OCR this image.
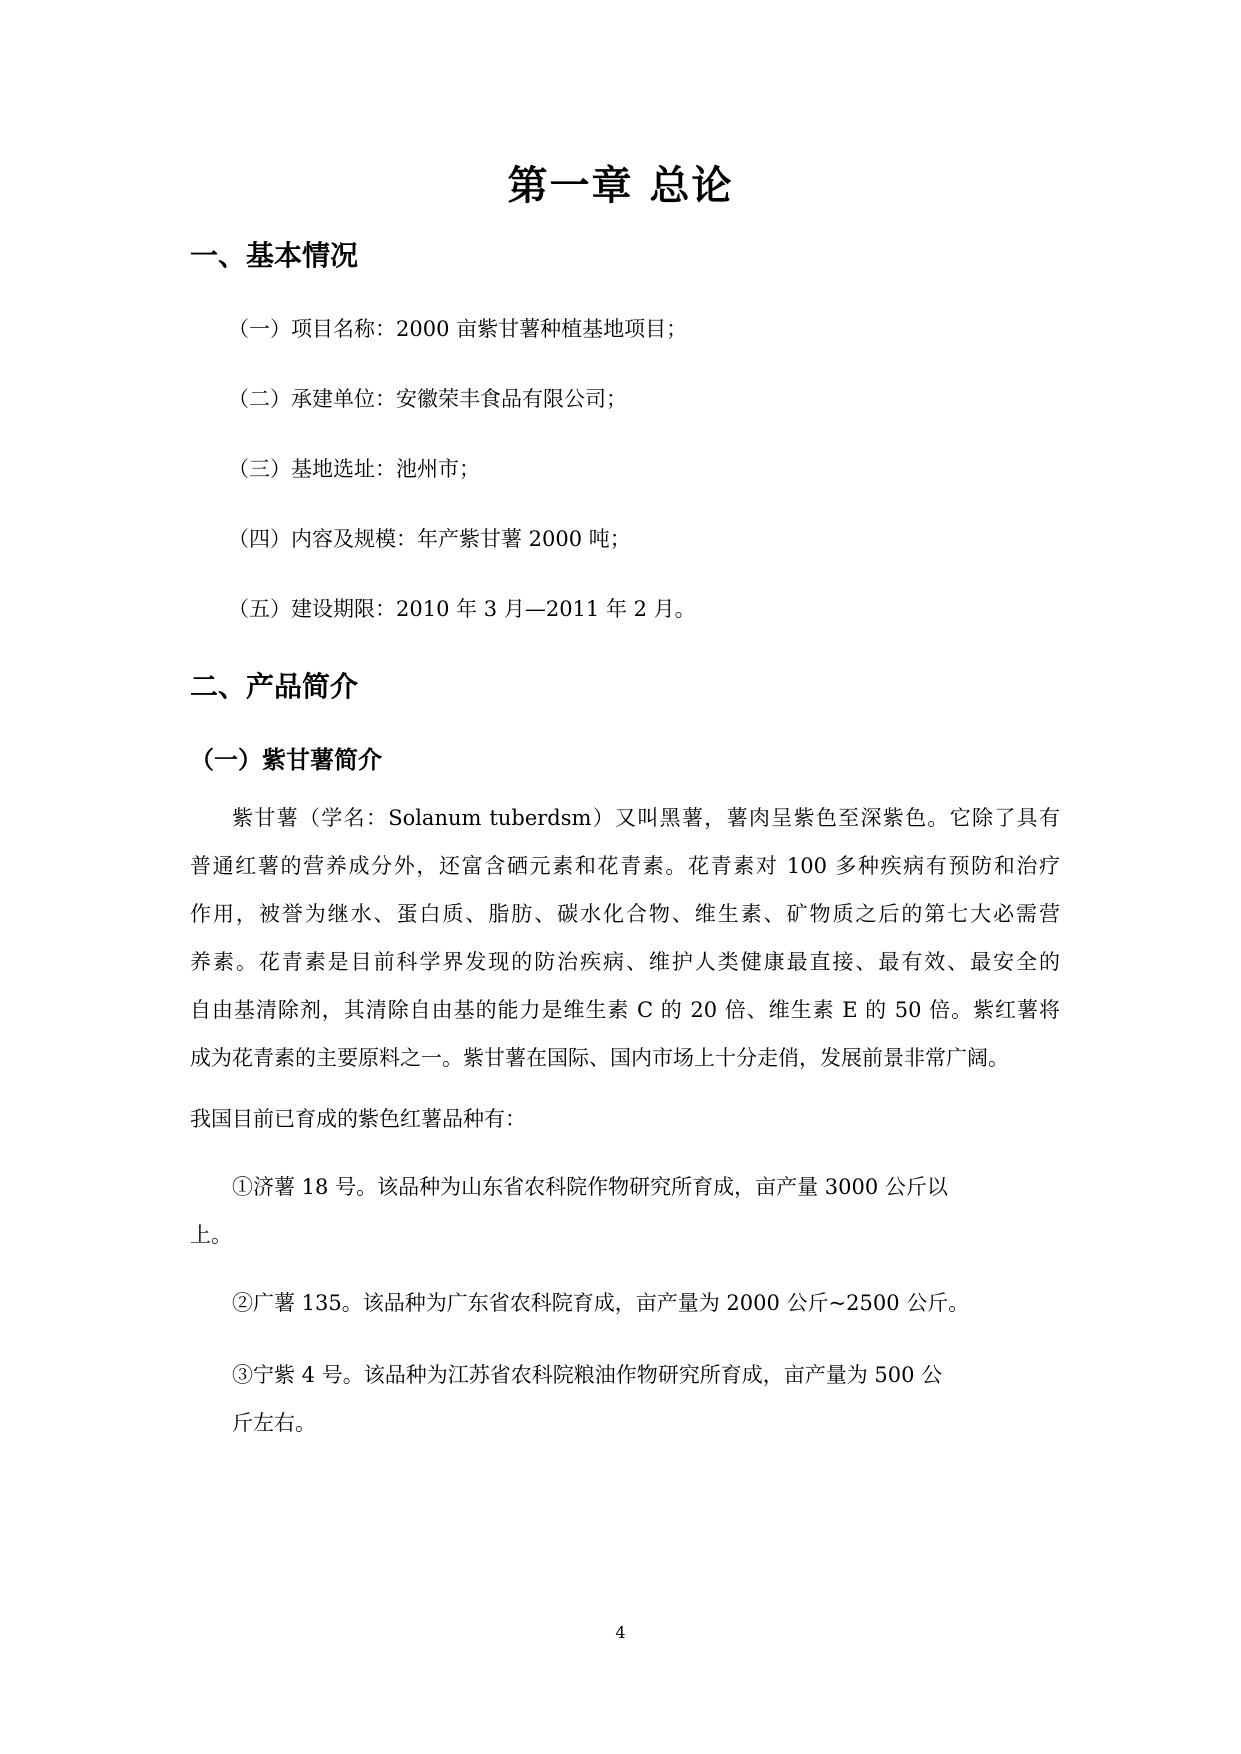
第一章 总论
一、基本情况
（一）项目名称：2000 亩紫甘薯种植基地项目；
（二）承建单位：安徽荣丰食品有限公司；
（三）基地选址：池州市；
（四）内容及规模：年产紫甘薯 2000 吨；
（五）建设期限：2010 年 3 月—2011 年 2 月。
二、产品简介
（一）紫甘薯简介
紫甘薯（学名：Solanum tuberdsm）又叫黑薯，薯肉呈紫色至深紫色。它除了具有
普通红薯的营养成分外，还富含硒元素和花青素。花青素对 100 多种疾病有预防和治疗
作用，被誉为继水、蛋白质、脂肪、碳水化合物、维生素、矿物质之后的第七大必需营
养素。花青素是目前科学界发现的防治疾病、维护人类健康最直接、最有效、最安全的
自由基清除剂，其清除自由基的能力是维生素 C 的 20 倍、维生素 E 的 50 倍。紫红薯将
成为花青素的主要原料之一。紫甘薯在国际、国内市场上十分走俏，发展前景非常广阔。
我国目前已育成的紫色红薯品种有：
①济薯 18 号。该品种为山东省农科院作物研究所育成，亩产量 3000 公斤以
上。
②广薯 135。该品种为广东省农科院育成，亩产量为 2000 公斤~2500 公斤。
③宁紫 4 号。该品种为江苏省农科院粮油作物研究所育成，亩产量为 500 公
斤左右。
4
